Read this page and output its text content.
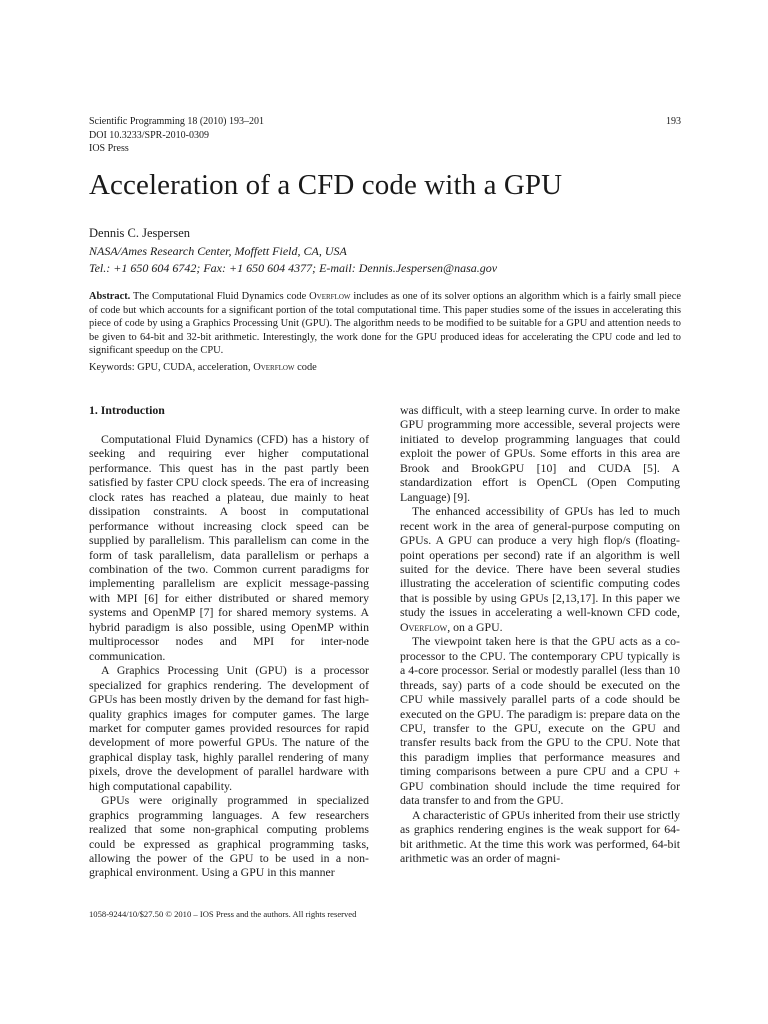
Scientific Programming 18 (2010) 193–201
DOI 10.3233/SPR-2010-0309
IOS Press
193
Acceleration of a CFD code with a GPU
Dennis C. Jespersen
NASA/Ames Research Center, Moffett Field, CA, USA
Tel.: +1 650 604 6742; Fax: +1 650 604 4377; E-mail: Dennis.Jespersen@nasa.gov
Abstract. The Computational Fluid Dynamics code Overflow includes as one of its solver options an algorithm which is a fairly small piece of code but which accounts for a significant portion of the total computational time. This paper studies some of the issues in accelerating this piece of code by using a Graphics Processing Unit (GPU). The algorithm needs to be modified to be suitable for a GPU and attention needs to be given to 64-bit and 32-bit arithmetic. Interestingly, the work done for the GPU produced ideas for accelerating the CPU code and led to significant speedup on the CPU.
Keywords: GPU, CUDA, acceleration, Overflow code
1. Introduction

Computational Fluid Dynamics (CFD) has a history of seeking and requiring ever higher computational performance. This quest has in the past partly been satisfied by faster CPU clock speeds. The era of increasing clock rates has reached a plateau, due mainly to heat dissipation constraints. A boost in computational performance without increasing clock speed can be supplied by parallelism. This parallelism can come in the form of task parallelism, data parallelism or perhaps a combination of the two. Common current paradigms for implementing parallelism are explicit message-passing with MPI [6] for either distributed or shared memory systems and OpenMP [7] for shared memory systems. A hybrid paradigm is also possible, using OpenMP within multiprocessor nodes and MPI for inter-node communication.

A Graphics Processing Unit (GPU) is a processor specialized for graphics rendering. The development of GPUs has been mostly driven by the demand for fast high-quality graphics images for computer games. The large market for computer games provided resources for rapid development of more powerful GPUs. The nature of the graphical display task, highly parallel rendering of many pixels, drove the development of parallel hardware with high computational capability.

GPUs were originally programmed in specialized graphics programming languages. A few researchers realized that some non-graphical computing problems could be expressed as graphical programming tasks, allowing the power of the GPU to be used in a non-graphical environment. Using a GPU in this manner

was difficult, with a steep learning curve. In order to make GPU programming more accessible, several projects were initiated to develop programming languages that could exploit the power of GPUs. Some efforts in this area are Brook and BrookGPU [10] and CUDA [5]. A standardization effort is OpenCL (Open Computing Language) [9].

The enhanced accessibility of GPUs has led to much recent work in the area of general-purpose computing on GPUs. A GPU can produce a very high flop/s (floating-point operations per second) rate if an algorithm is well suited for the device. There have been several studies illustrating the acceleration of scientific computing codes that is possible by using GPUs [2,13,17]. In this paper we study the issues in accelerating a well-known CFD code, Overflow, on a GPU.

The viewpoint taken here is that the GPU acts as a co-processor to the CPU. The contemporary CPU typically is a 4-core processor. Serial or modestly parallel (less than 10 threads, say) parts of a code should be executed on the CPU while massively parallel parts of a code should be executed on the GPU. The paradigm is: prepare data on the CPU, transfer to the GPU, execute on the GPU and transfer results back from the GPU to the CPU. Note that this paradigm implies that performance measures and timing comparisons between a pure CPU and a CPU + GPU combination should include the time required for data transfer to and from the GPU.

A characteristic of GPUs inherited from their use strictly as graphics rendering engines is the weak support for 64-bit arithmetic. At the time this work was performed, 64-bit arithmetic was an order of magni-

1058-9244/10/$27.50 © 2010 – IOS Press and the authors. All rights reserved
